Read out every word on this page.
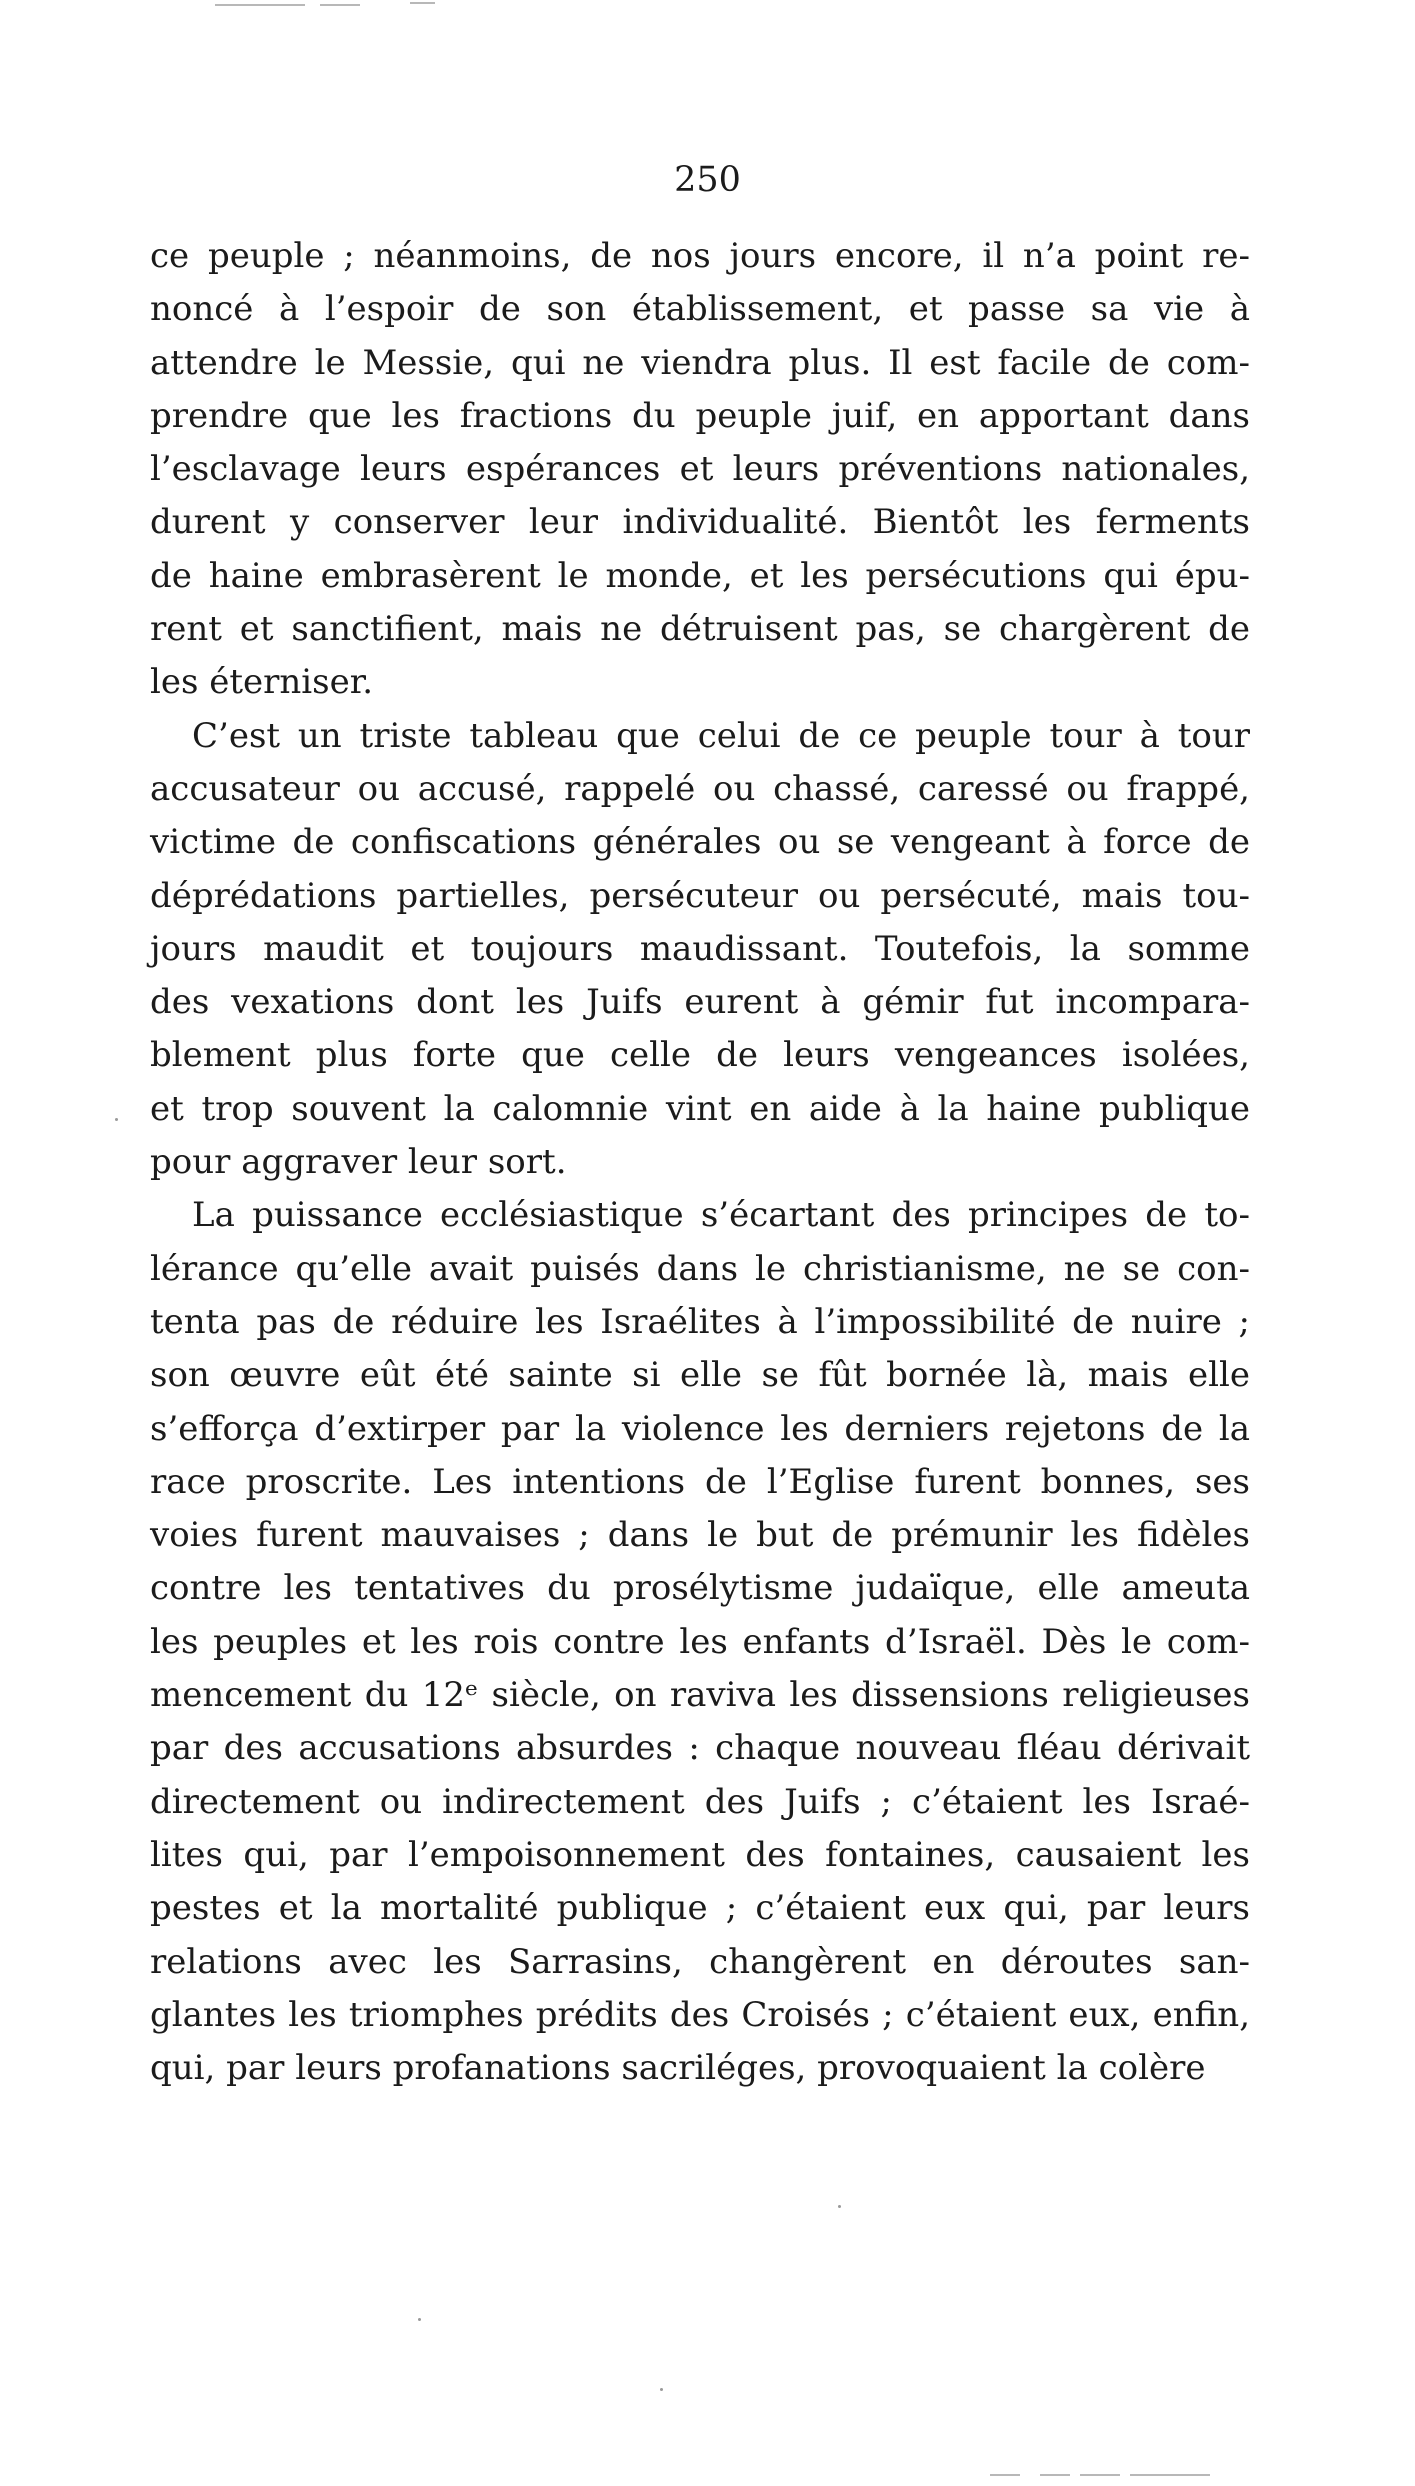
250
ce peuple ; néanmoins, de nos jours encore, il n’a point re-
noncé à l’espoir de son établissement, et passe sa vie à
attendre le Messie, qui ne viendra plus. Il est facile de com-
prendre que les fractions du peuple juif, en apportant dans
l’esclavage leurs espérances et leurs préventions nationales,
durent y conserver leur individualité. Bientôt les ferments
de haine embrasèrent le monde, et les persécutions qui épu-
rent et sanctifient, mais ne détruisent pas, se chargèrent de
les éterniser.
C’est un triste tableau que celui de ce peuple tour à tour
accusateur ou accusé, rappelé ou chassé, caressé ou frappé,
victime de confiscations générales ou se vengeant à force de
déprédations partielles, persécuteur ou persécuté, mais tou-
jours maudit et toujours maudissant. Toutefois, la somme
des vexations dont les Juifs eurent à gémir fut incompara-
blement plus forte que celle de leurs vengeances isolées,
et trop souvent la calomnie vint en aide à la haine publique
pour aggraver leur sort.
La puissance ecclésiastique s’écartant des principes de to-
lérance qu’elle avait puisés dans le christianisme, ne se con-
tenta pas de réduire les Israélites à l’impossibilité de nuire ;
son œuvre eût été sainte si elle se fût bornée là, mais elle
s’efforça d’extirper par la violence les derniers rejetons de la
race proscrite. Les intentions de l’Eglise furent bonnes, ses
voies furent mauvaises ; dans le but de prémunir les fidèles
contre les tentatives du prosélytisme judaïque, elle ameuta
les peuples et les rois contre les enfants d’Israël. Dès le com-
mencement du 12ᵉ siècle, on raviva les dissensions religieuses
par des accusations absurdes : chaque nouveau fléau dérivait
directement ou indirectement des Juifs ; c’étaient les Israé-
lites qui, par l’empoisonnement des fontaines, causaient les
pestes et la mortalité publique ; c’étaient eux qui, par leurs
relations avec les Sarrasins, changèrent en déroutes san-
glantes les triomphes prédits des Croisés ; c’étaient eux, enfin,
qui, par leurs profanations sacriléges, provoquaient la colère
